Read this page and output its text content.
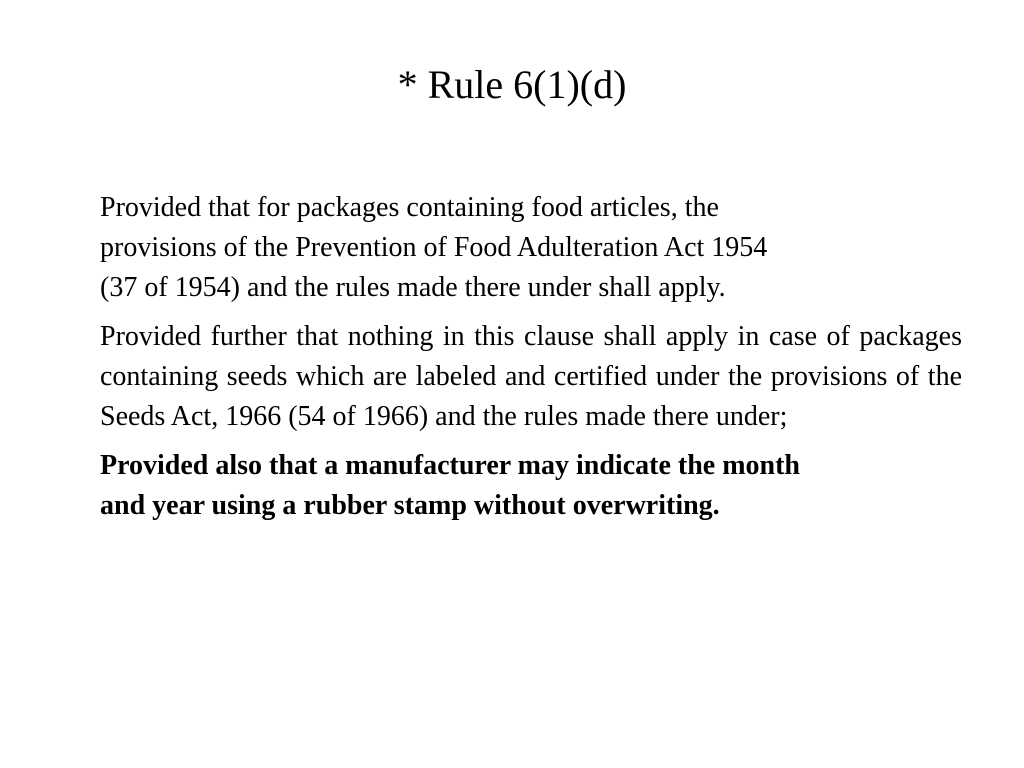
* Rule 6(1)(d)

Provided that for packages containing food articles, the
provisions of the Prevention of Food Adulteration Act 1954
(37 of 1954) and the rules made there under shall apply.

Provided further that nothing in this clause shall apply in case of packages containing seeds which are labeled and certified under the provisions of the Seeds Act, 1966 (54 of 1966) and the rules made there under;

Provided also that a manufacturer may indicate the month
and year using a rubber stamp without overwriting.
